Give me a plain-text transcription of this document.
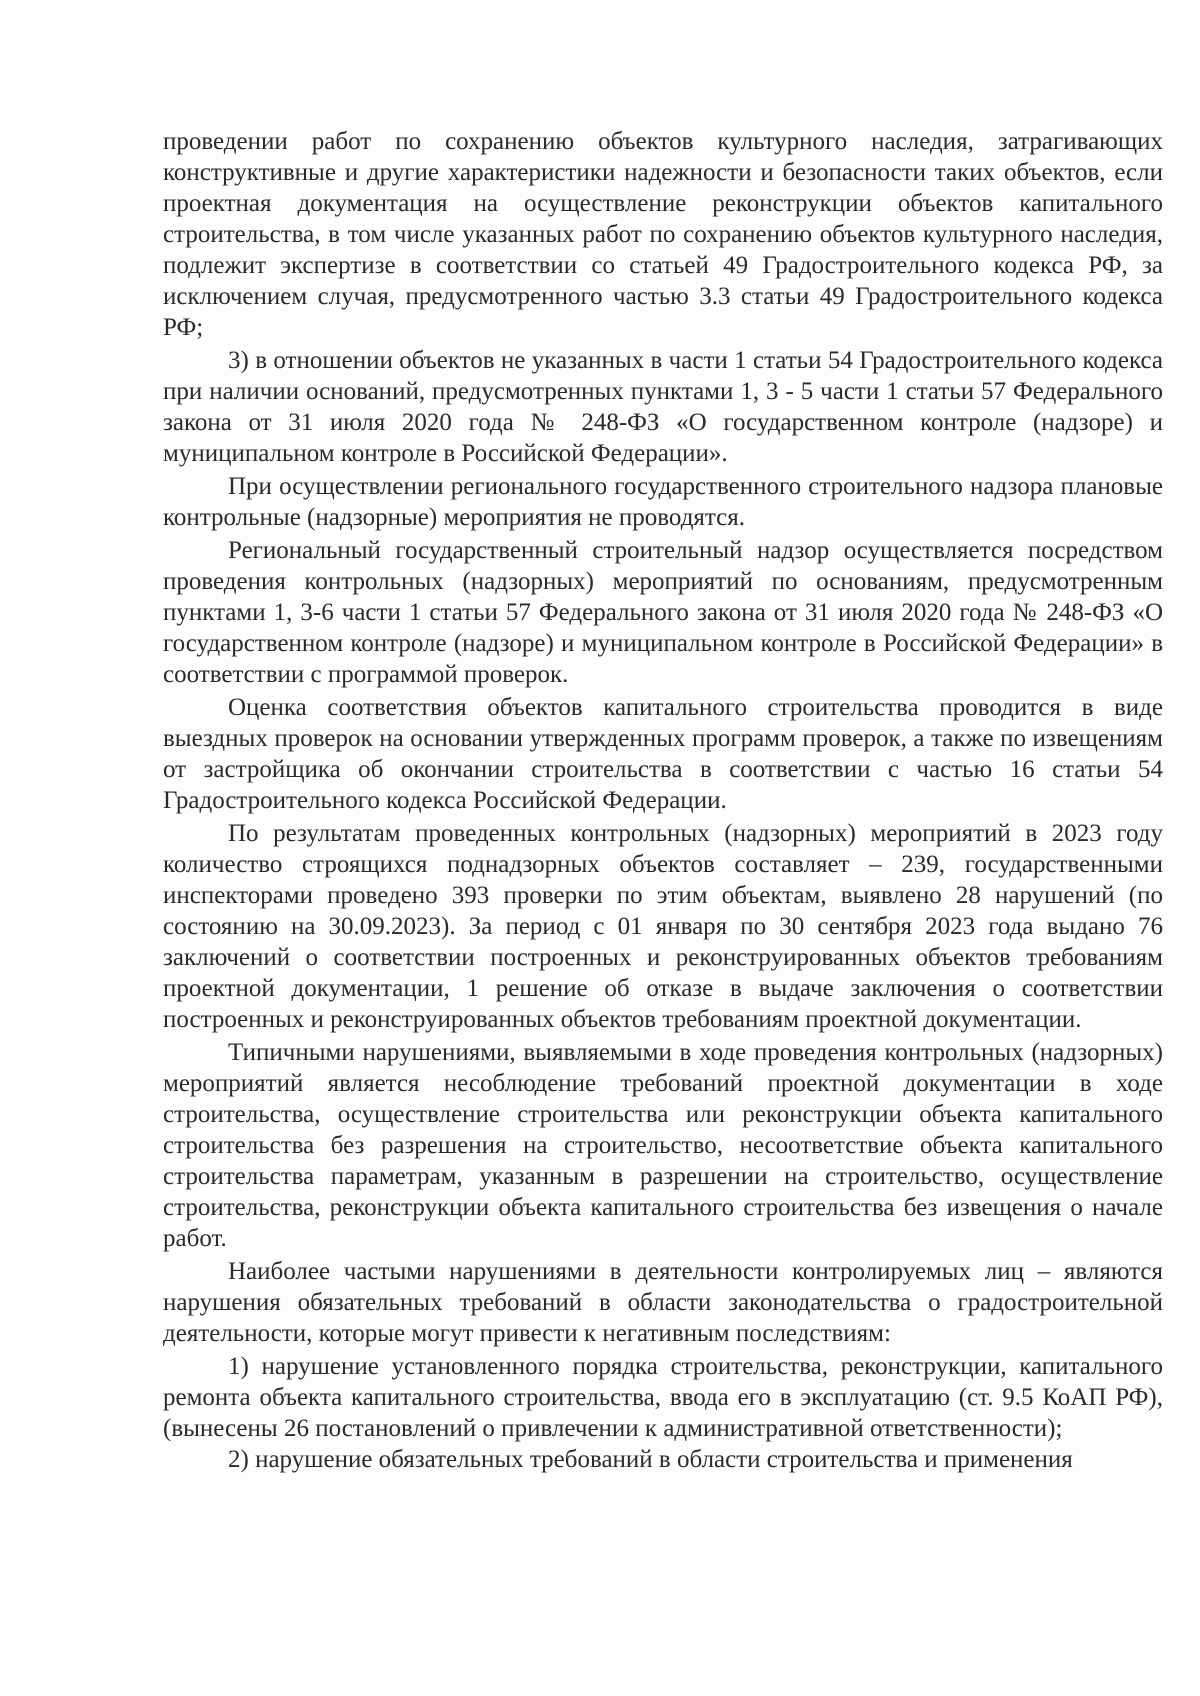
проведении работ по сохранению объектов культурного наследия, затрагивающих конструктивные и другие характеристики надежности и безопасности таких объектов, если проектная документация на осуществление реконструкции объектов капитального строительства, в том числе указанных работ по сохранению объектов культурного наследия, подлежит экспертизе в соответствии со статьей 49 Градостроительного кодекса РФ, за исключением случая, предусмотренного частью 3.3 статьи 49 Градостроительного кодекса РФ;

3) в отношении объектов не указанных в части 1 статьи 54 Градостроительного кодекса при наличии оснований, предусмотренных пунктами 1, 3 - 5 части 1 статьи 57 Федерального закона от 31 июля 2020 года № 248-ФЗ «О государственном контроле (надзоре) и муниципальном контроле в Российской Федерации».

При осуществлении регионального государственного строительного надзора плановые контрольные (надзорные) мероприятия не проводятся.

Региональный государственный строительный надзор осуществляется посредством проведения контрольных (надзорных) мероприятий по основаниям, предусмотренным пунктами 1, 3-6 части 1 статьи 57 Федерального закона от 31 июля 2020 года № 248-ФЗ «О государственном контроле (надзоре) и муниципальном контроле в Российской Федерации» в соответствии с программой проверок.

Оценка соответствия объектов капитального строительства проводится в виде выездных проверок на основании утвержденных программ проверок, а также по извещениям от застройщика об окончании строительства в соответствии с частью 16 статьи 54 Градостроительного кодекса Российской Федерации.

По результатам проведенных контрольных (надзорных) мероприятий в 2023 году количество строящихся поднадзорных объектов составляет – 239, государственными инспекторами проведено 393 проверки по этим объектам, выявлено 28 нарушений (по состоянию на 30.09.2023). За период с 01 января по 30 сентября 2023 года выдано 76 заключений о соответствии построенных и реконструированных объектов требованиям проектной документации, 1 решение об отказе в выдаче заключения о соответствии построенных и реконструированных объектов требованиям проектной документации.

Типичными нарушениями, выявляемыми в ходе проведения контрольных (надзорных) мероприятий является несоблюдение требований проектной документации в ходе строительства, осуществление строительства или реконструкции объекта капитального строительства без разрешения на строительство, несоответствие объекта капитального строительства параметрам, указанным в разрешении на строительство, осуществление строительства, реконструкции объекта капитального строительства без извещения о начале работ.

Наиболее частыми нарушениями в деятельности контролируемых лиц – являются нарушения обязательных требований в области законодательства о градостроительной деятельности, которые могут привести к негативным последствиям:

1) нарушение установленного порядка строительства, реконструкции, капитального ремонта объекта капитального строительства, ввода его в эксплуатацию (ст. 9.5 КоАП РФ), (вынесены 26 постановлений о привлечении к административной ответственности);

2) нарушение обязательных требований в области строительства и применения
